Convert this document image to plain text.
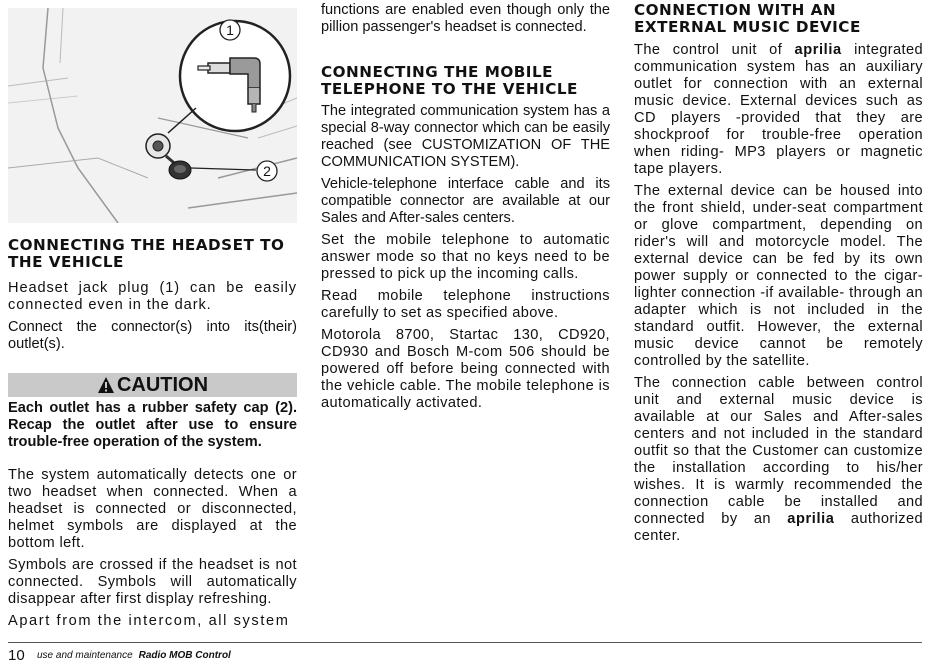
1
2
CONNECTING THE HEADSET TO THE VEHICLE

Headset jack plug (1) can be easily connected even in the dark.

Connect the connector(s) into its(their) outlet(s).

CAUTION

Each outlet has a rubber safety cap (2). Recap the outlet after use to ensure trouble-free operation of the system.

The system automatically detects one or two headset when connected. When a headset is connected or disconnected, helmet symbols are displayed at the bottom left.

Symbols are crossed if the headset is not connected. Symbols will automatically disappear after first display refreshing.

Apart from the intercom, all system

functions are enabled even though only the pillion passenger's headset is connected.

CONNECTING THE MOBILE TELEPHONE TO THE VEHICLE

The integrated communication system has a special 8-way connector which can be easily reached (see CUSTOMIZATION OF THE COMMUNICATION SYSTEM).

Vehicle-telephone interface cable and its compatible connector are available at our Sales and After-sales centers.

Set the mobile telephone to automatic answer mode so that no keys need to be pressed to pick up the incoming calls.

Read mobile telephone instructions carefully to set as specified above.

Motorola 8700, Startac 130, CD920, CD930 and Bosch M-com 506 should be powered off before being connected with the vehicle cable. The mobile telephone is automatically activated.

CONNECTION WITH AN EXTERNAL MUSIC DEVICE

The control unit of aprilia integrated communication system has an auxiliary outlet for connection with an external music device. External devices such as CD players -provided that they are shockproof for trouble-free operation when riding- MP3 players or magnetic tape players.

The external device can be housed into the front shield, under-seat compartment or glove compartment, depending on rider's will and motorcycle model. The external device can be fed by its own power supply or connected to the cigar-lighter connection -if available- through an adapter which is not included in the standard outfit. However, the external music device cannot be remotely controlled by the satellite.

The connection cable between control unit and external music device is available at our Sales and After-sales centers and not included in the standard outfit so that the Customer can customize the installation according to his/her wishes. It is warmly recommended the connection cable be installed and connected by an aprilia authorized center.

10 use and maintenance Radio MOB Control
